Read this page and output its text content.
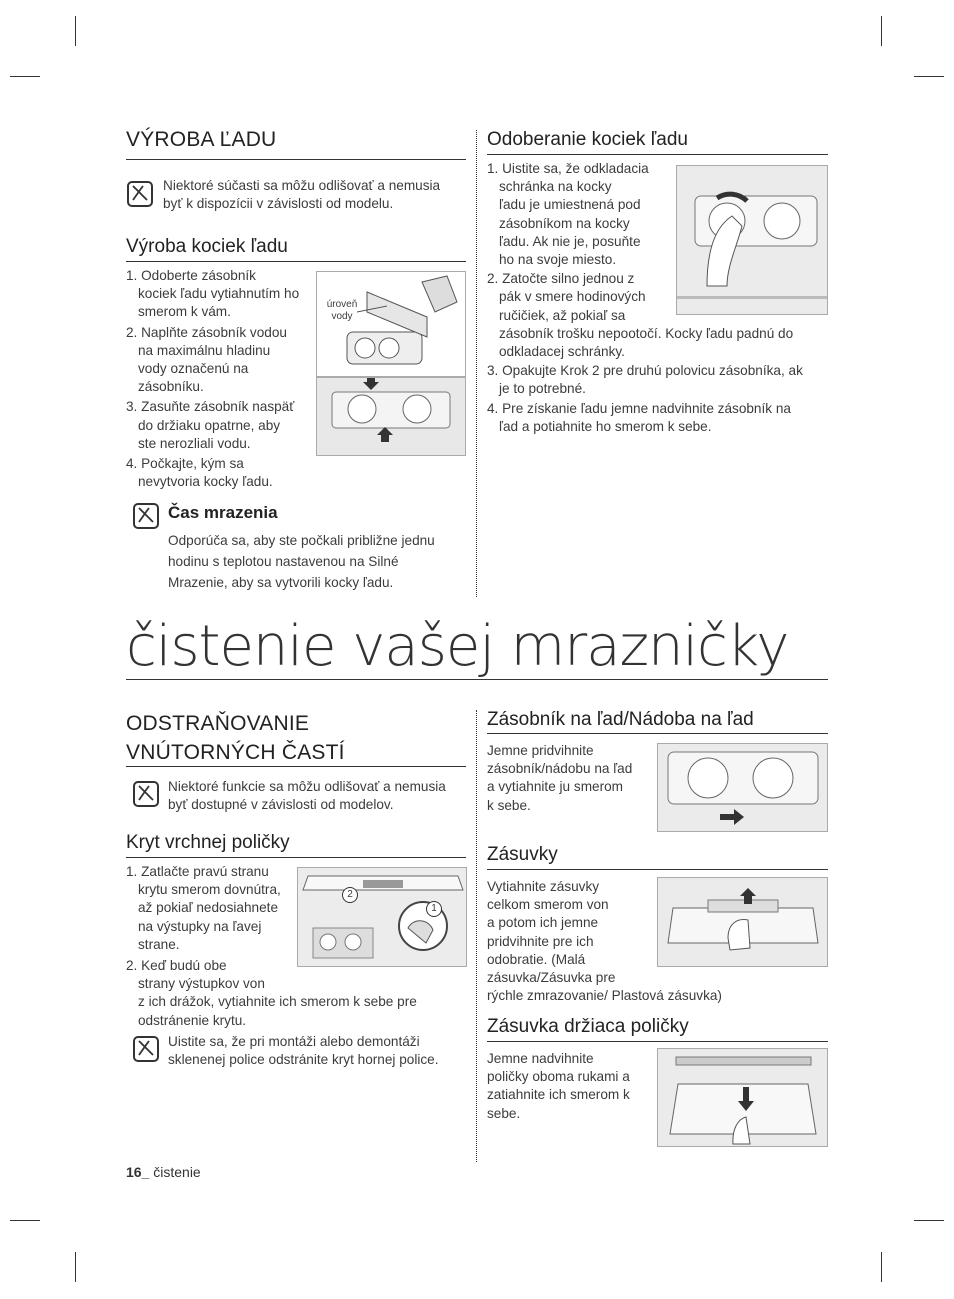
VÝROBA ĽADU
Niektoré súčasti sa môžu odlišovať a nemusia
byť k dispozícii v závislosti od modelu.
Výroba kociek ľadu
1. Odoberte zásobník
kociek ľadu vytiahnutím ho
smerom k vám.
2. Naplňte zásobník vodou
na maximálnu hladinu
vody označenú na
zásobníku.
3. Zasuňte zásobník naspäť
do držiaku opatrne, aby
ste nerozliali vodu.
4. Počkajte, kým sa
nevytvoria kocky ľadu.
úroveň
vody
Čas mrazenia
Odporúča sa, aby ste počkali približne jednu
hodinu s teplotou nastavenou na Silné
Mrazenie, aby sa vytvorili kocky ľadu.
Odoberanie kociek ľadu
1. Uistite sa, že odkladacia
schránka na kocky
ľadu je umiestnená pod
zásobníkom na kocky
ľadu. Ak nie je, posuňte
ho na svoje miesto.
2. Zatočte silno jednou z
pák v smere hodinových
ručičiek, až pokiaľ sa
zásobník trošku nepootočí. Kocky ľadu padnú do
odkladacej schránky.
3. Opakujte Krok 2 pre druhú polovicu zásobníka, ak
je to potrebné.
4. Pre získanie ľadu jemne nadvihnite zásobník na
ľad a potiahnite ho smerom k sebe.
čistenie vašej mrazničky
ODSTRAŇOVANIE
VNÚTORNÝCH ČASTÍ
Niektoré funkcie sa môžu odlišovať a nemusia
byť dostupné v závislosti od modelov.
Kryt vrchnej poličky
1. Zatlačte pravú stranu
krytu smerom dovnútra,
až pokiaľ nedosiahnete
na výstupky na ľavej
strane.
2. Keď budú obe
strany výstupkov von
z ich drážok, vytiahnite ich smerom k sebe pre
odstránenie krytu.
2
1
Uistite sa, že pri montáži alebo demontáži
sklenenej police odstránite kryt hornej police.
Zásobník na ľad/Nádoba na ľad
Jemne pridvihnite
zásobník/nádobu na ľad
a vytiahnite ju smerom
k sebe.
Zásuvky
Vytiahnite zásuvky
celkom smerom von
a potom ich jemne
pridvihnite pre ich
odobratie. (Malá
zásuvka/Zásuvka pre
rýchle zmrazovanie/ Plastová zásuvka)
Zásuvka držiaca poličky
Jemne nadvihnite
poličky oboma rukami a
zatiahnite ich smerom k
sebe.
16_ čistenie
